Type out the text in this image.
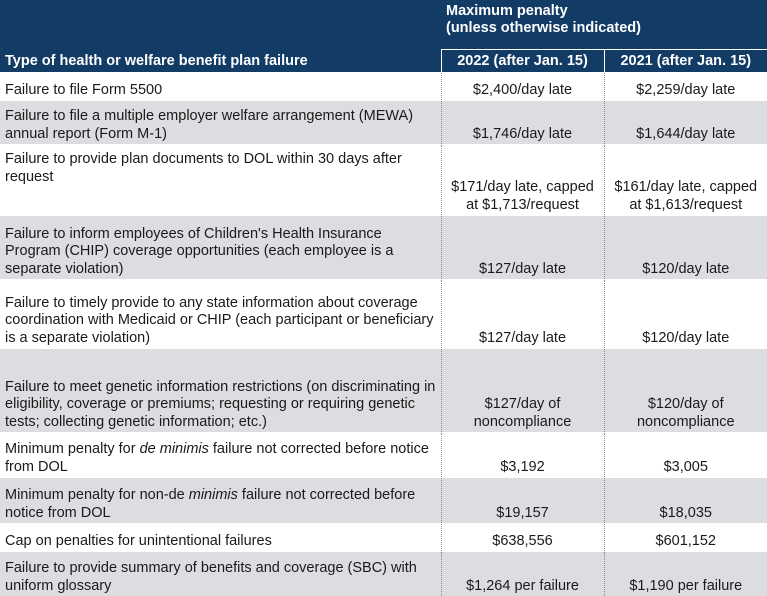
Type of health or welfare benefit plan failure	Maximum penalty
(unless otherwise indicated)	
	2022 (after Jan. 15)	2021 (after Jan. 15)
Failure to file Form 5500	$2,400/day late	$2,259/day late
Failure to file a multiple employer welfare arrangement (MEWA) annual report (Form M-1)	$1,746/day late	$1,644/day late
Failure to provide plan documents to DOL within 30 days after request	$171/day late, capped at $1,713/request	$161/day late, capped at $1,613/request
Failure to inform employees of Children's Health Insurance Program (CHIP) coverage opportunities (each employee is a separate violation)	$127/day late	$120/day late
Failure to timely provide to any state information about coverage coordination with Medicaid or CHIP (each participant or beneficiary is a separate violation)	$127/day late	$120/day late
Failure to meet genetic information restrictions (on discriminating in eligibility, coverage or premiums; requesting or requiring genetic tests; collecting genetic information; etc.)	$127/day of noncompliance	$120/day of noncompliance
Minimum penalty for de minimis failure not corrected before notice from DOL	$3,192	$3,005
Minimum penalty for non-de minimis failure not corrected before notice from DOL	$19,157	$18,035
Cap on penalties for unintentional failures	$638,556	$601,152
Failure to provide summary of benefits and coverage (SBC) with uniform glossary	$1,264 per failure	$1,190 per failure
